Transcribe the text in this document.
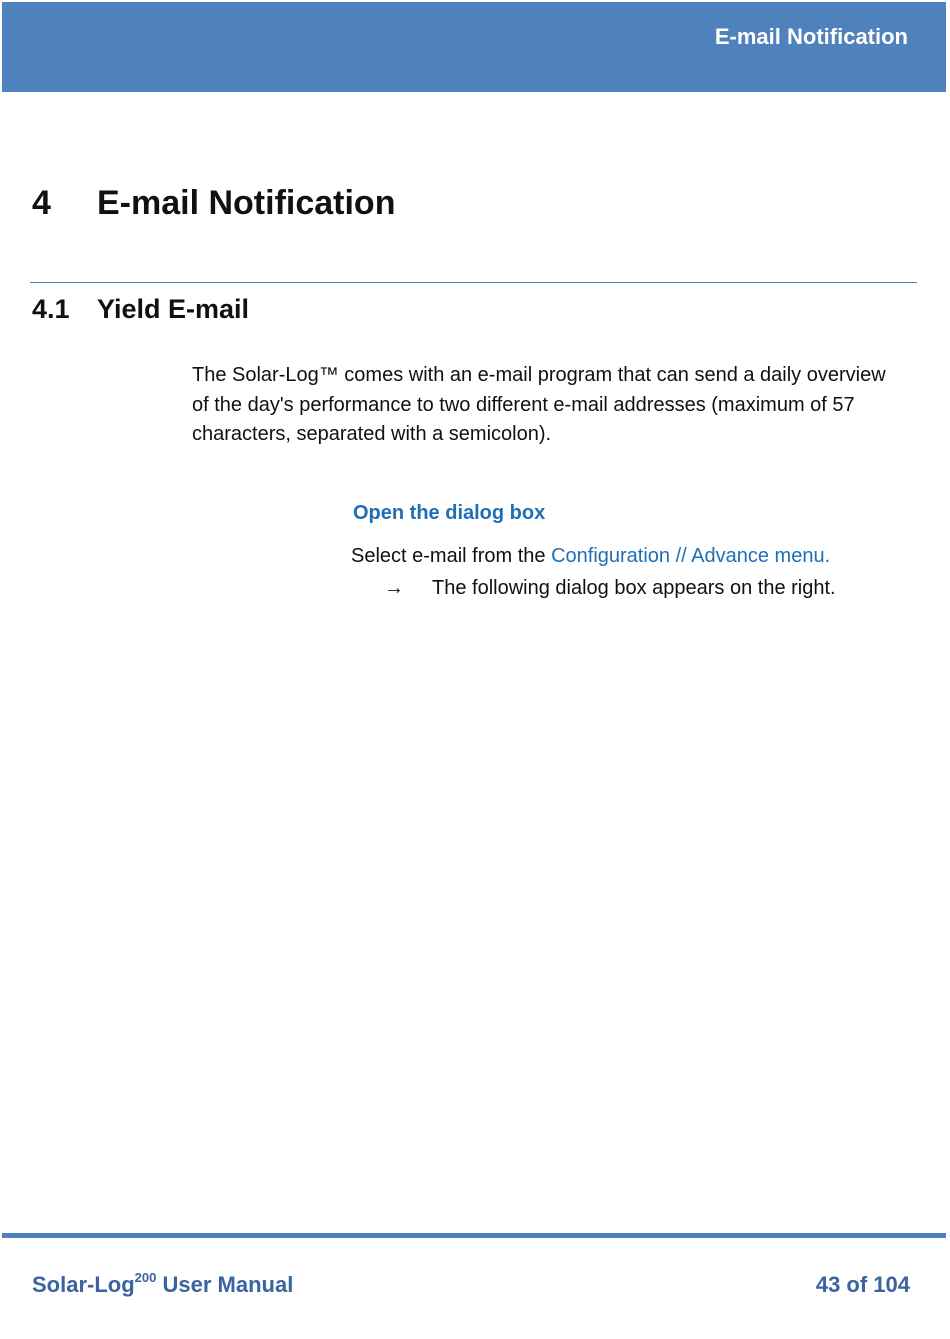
E-mail Notification
4 E-mail Notification
4.1 Yield E-mail

The Solar-Log™ comes with an e-mail program that can send a daily overview of the day's performance to two different e-mail addresses (maximum of 57 characters, separated with a semicolon).

Open the dialog box
Select e-mail from the Configuration // Advance menu.
→ The following dialog box appears on the right.
Solar-Log$^{200}$ User Manual	43 of 104
